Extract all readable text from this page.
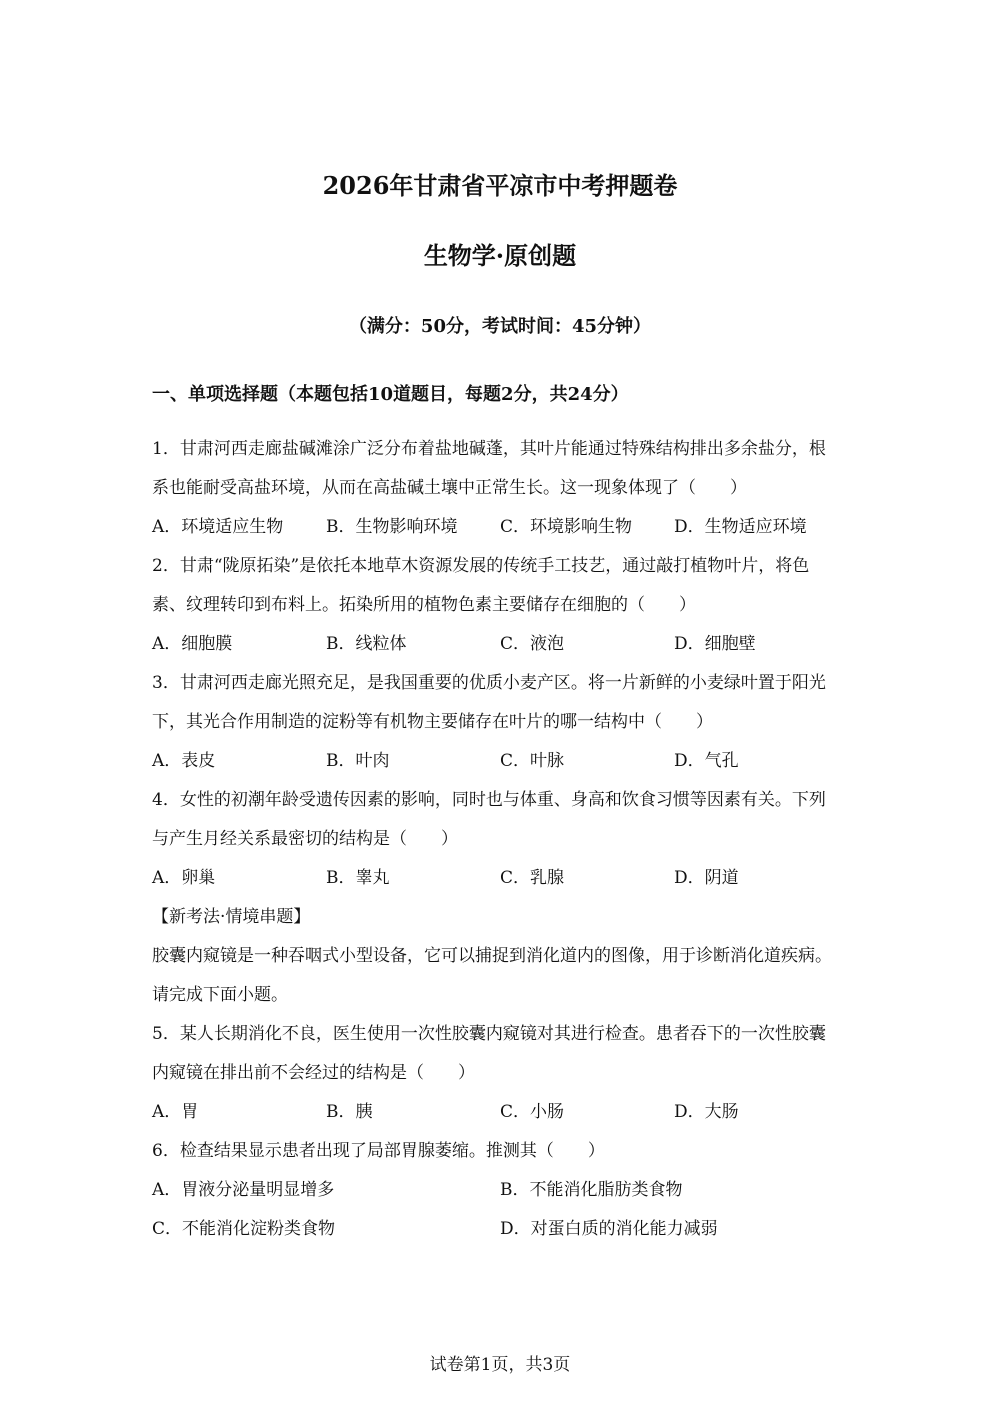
2026年甘肃省平凉市中考押题卷
生物学·原创题
（满分：50分，考试时间：45分钟）
一、单项选择题（本题包括10道题目，每题2分，共24分）
1．甘肃河西走廊盐碱滩涂广泛分布着盐地碱蓬，其叶片能通过特殊结构排出多余盐分，根
系也能耐受高盐环境，从而在高盐碱土壤中正常生长。这一现象体现了（　　）
A．环境适应生物	B．生物影响环境	C．环境影响生物 D．生物适应环境
2．甘肃“陇原拓染”是依托本地草木资源发展的传统手工技艺，通过敲打植物叶片，将色
素、纹理转印到布料上。拓染所用的植物色素主要储存在细胞的（　　）
A．细胞膜	B．线粒体	C．液泡	D．细胞壁
3．甘肃河西走廊光照充足，是我国重要的优质小麦产区。将一片新鲜的小麦绿叶置于阳光
下，其光合作用制造的淀粉等有机物主要储存在叶片的哪一结构中（　　）
A．表皮	B．叶肉	C．叶脉	D．气孔
4．女性的初潮年龄受遗传因素的影响，同时也与体重、身高和饮食习惯等因素有关。下列
与产生月经关系最密切的结构是（　　）
A．卵巢	B．睾丸	C．乳腺	D．阴道
【新考法·情境串题】
胶囊内窥镜是一种吞咽式小型设备，它可以捕捉到消化道内的图像，用于诊断消化道疾病。
请完成下面小题。
5．某人长期消化不良，医生使用一次性胶囊内窥镜对其进行检查。患者吞下的一次性胶囊
内窥镜在排出前不会经过的结构是（　　）
A．胃	B．胰	C．小肠	D．大肠
6．检查结果显示患者出现了局部胃腺萎缩。推测其（　　）
A．胃液分泌量明显增多	B．不能消化脂肪类食物
C．不能消化淀粉类食物	D．对蛋白质的消化能力减弱
试卷第1页，共3页
